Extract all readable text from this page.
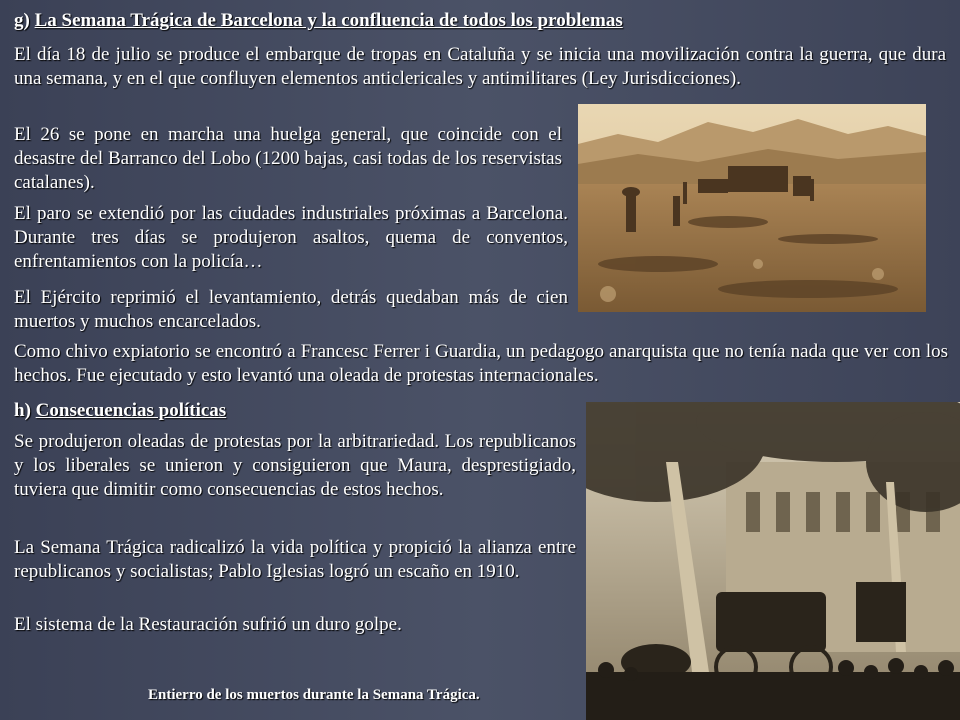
g) La Semana Trágica de Barcelona y la confluencia de todos los problemas
El día 18 de julio se produce el embarque de tropas en Cataluña y se inicia una movilización contra la guerra, que dura una semana, y en el que confluyen elementos anticlericales y antimilitares (Ley Jurisdicciones).
El 26 se pone en marcha una huelga general, que coincide con el desastre del Barranco del Lobo (1200 bajas, casi todas de los reservistas catalanes).
El paro se extendió por las ciudades industriales próximas a Barcelona. Durante tres días se produjeron asaltos, quema de conventos, enfrentamientos con la policía…
El Ejército reprimió el levantamiento, detrás quedaban más de cien muertos y muchos encarcelados.
Como chivo expiatorio se encontró a Francesc Ferrer i Guardia, un pedagogo anarquista que no tenía nada que ver con los hechos. Fue ejecutado y esto levantó una oleada de protestas internacionales.
h) Consecuencias políticas
Se produjeron oleadas de protestas por la arbitrariedad. Los republicanos y los liberales se unieron y consiguieron que Maura, desprestigiado, tuviera que dimitir como consecuencias de estos hechos.
La Semana Trágica radicalizó la vida política y propició la alianza entre republicanos y socialistas; Pablo Iglesias logró un escaño en 1910.
El sistema de la Restauración sufrió un duro golpe.
Entierro de los muertos durante la Semana Trágica.
